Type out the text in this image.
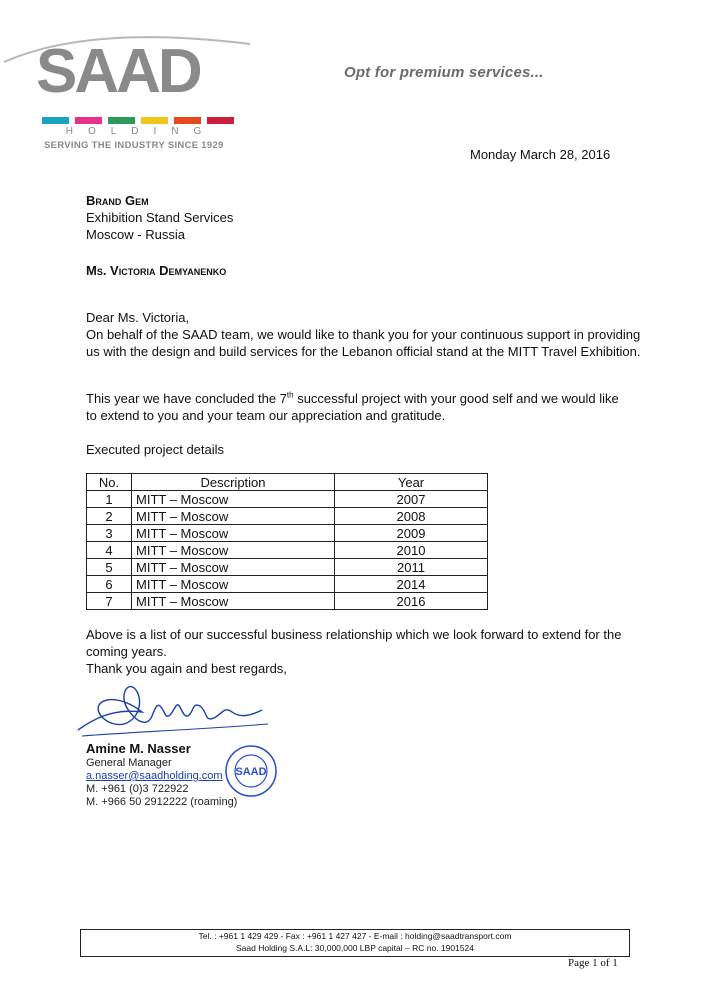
SAAD
HOLDING
SERVING THE INDUSTRY SINCE 1929
Opt for premium services...
Monday March 28, 2016
Brand Gem
Exhibition Stand Services
Moscow - Russia
Ms. Victoria Demyanenko
Dear Ms. Victoria,
On behalf of the SAAD team, we would like to thank you for your continuous support in providing us with the design and build services for the Lebanon official stand at the MITT Travel Exhibition.
This year we have concluded the 7th successful project with your good self and we would like to extend to you and your team our appreciation and gratitude.
Executed project details
No.	Description	Year
1	MITT – Moscow	2007
2	MITT – Moscow	2008
3	MITT – Moscow	2009
4	MITT – Moscow	2010
5	MITT – Moscow	2011
6	MITT – Moscow	2014
7	MITT – Moscow	2016
Above is a list of our successful business relationship which we look forward to extend for the coming years.
Thank you again and best regards,
Amine M. Nasser
General Manager
a.nasser@saadholding.com
M. +961 (0)3 722922
M. +966 50 2912222 (roaming)
SAAD
Tel. : +961 1 429 429 - Fax : +961 1 427 427 - E-mail : holding@saadtransport.com
Saad Holding S.A.L: 30,000,000 LBP capital – RC no. 1901524
Page 1 of 1
